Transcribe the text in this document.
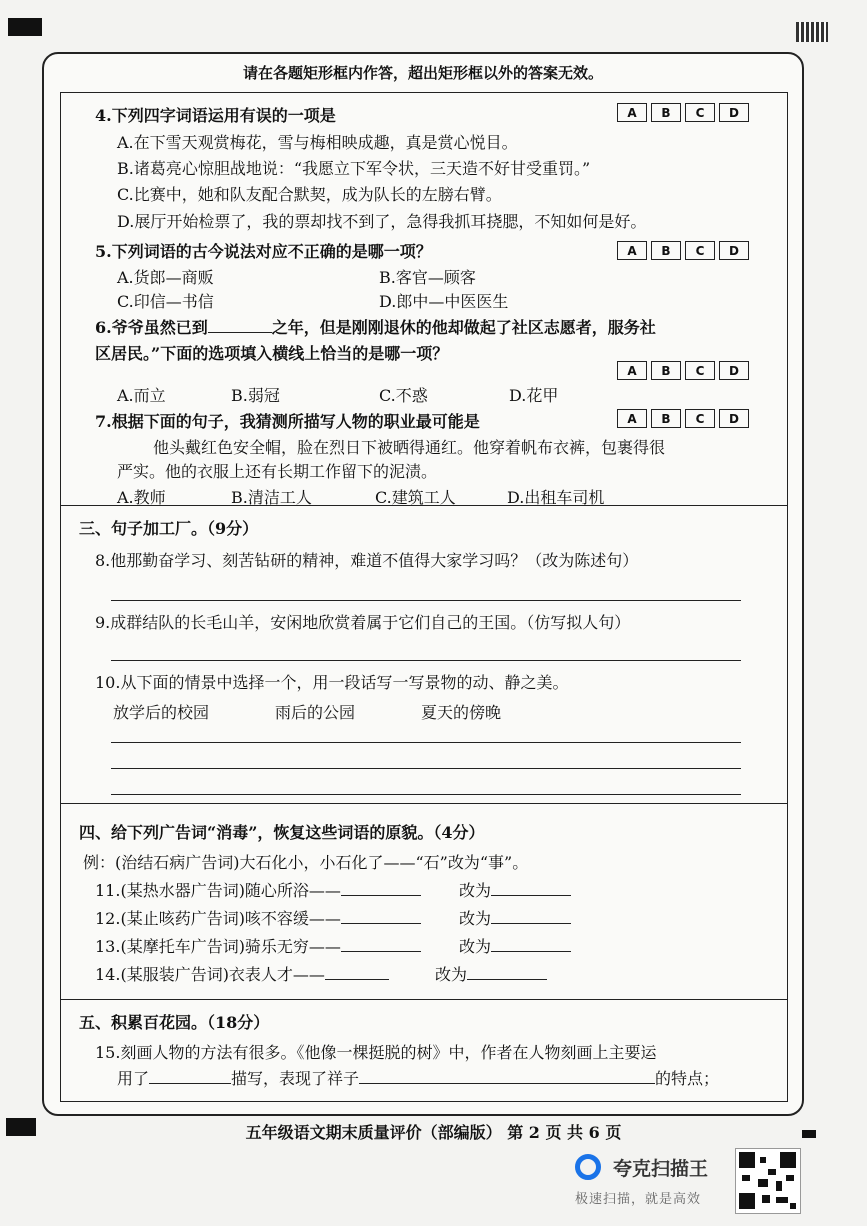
请在各题矩形框内作答，超出矩形框以外的答案无效。
4.下列四字词语运用有误的一项是	A	B	C	D
A.在下雪天观赏梅花，雪与梅相映成趣，真是赏心悦目。
B.诸葛亮心惊胆战地说：“我愿立下军令状，三天造不好甘受重罚。”
C.比赛中，她和队友配合默契，成为队长的左膀右臂。
D.展厅开始检票了，我的票却找不到了，急得我抓耳挠腮，不知如何是好。
5.下列词语的古今说法对应不正确的是哪一项？	A	B	C	D
A.货郎—商贩	B.客官—顾客
C.印信—书信	D.郎中—中医医生
6.爷爷虽然已到	之年，但是刚刚退休的他却做起了社区志愿者，服务社
区居民。”下面的选项填入横线上恰当的是哪一项？
A	B	C	D
A.而立	B.弱冠	C.不惑	D.花甲
7.根据下面的句子，我猜测所描写人物的职业最可能是	A	B	C	D
他头戴红色安全帽，脸在烈日下被晒得通红。他穿着帆布衣裤，包裹得很
严实。他的衣服上还有长期工作留下的泥渍。
A.教师	B.清洁工人	C.建筑工人	D.出租车司机
三、句子加工厂。（9分）
8.他那勤奋学习、刻苦钻研的精神，难道不值得大家学习吗？（改为陈述句）
9.成群结队的长毛山羊，安闲地欣赏着属于它们自己的王国。（仿写拟人句）
10.从下面的情景中选择一个，用一段话写一写景物的动、静之美。
放学后的校园	雨后的公园	夏天的傍晚
四、给下列广告词“消毒”，恢复这些词语的原貌。（4分）
例：(治结石病广告词)大石化小，小石化了——“石”改为“事”。
11.(某热水器广告词)随心所浴——	改为
12.(某止咳药广告词)咳不容缓——	改为
13.(某摩托车广告词)骑乐无穷——	改为
14.(某服装广告词)衣表人才——	改为
五、积累百花园。（18分）
15.刻画人物的方法有很多。《他像一棵挺脱的树》中，作者在人物刻画上主要运
用了	描写，表现了祥子	的特点；
五年级语文期末质量评价（部编版） 第 2 页 共 6 页
夸克扫描王
极速扫描，就是高效
